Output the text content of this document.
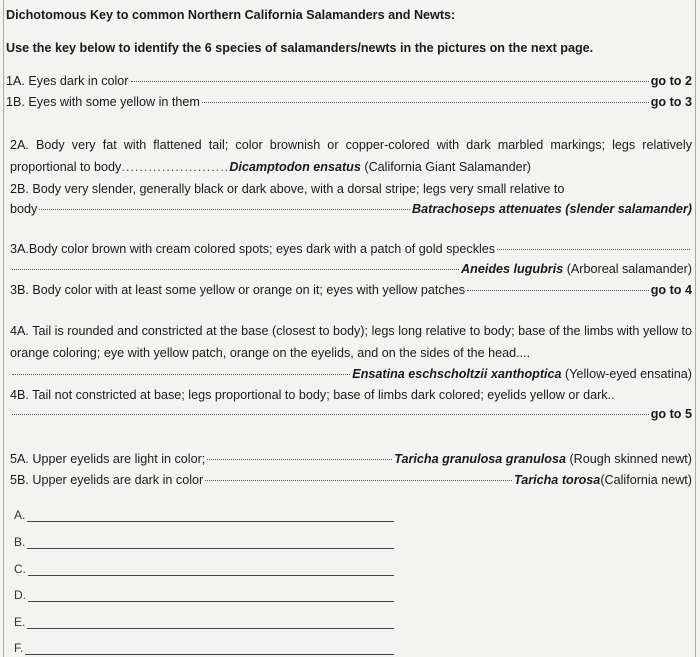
Dichotomous Key to common Northern California Salamanders and Newts:
Use the key below to identify the 6 species of salamanders/newts in the pictures on the next page.
1A. Eyes dark in color	go to 2
1B. Eyes with some yellow in them	go to 3
2A. Body very fat with flattened tail; color brownish or copper-colored with dark marbled markings; legs relatively proportional to body........................Dicamptodon ensatus (California Giant Salamander)
2B. Body very slender, generally black or dark above, with a dorsal stripe; legs very small relative to
body	Batrachoseps attenuates (slender salamander)
3A.Body color brown with cream colored spots; eyes dark with a patch of gold speckles
Aneides lugubris (Arboreal salamander)
3B. Body color with at least some yellow or orange on it; eyes with yellow patches	go to 4
4A. Tail is rounded and constricted at the base (closest to body); legs long relative to body; base of the limbs with yellow to orange coloring; eye with yellow patch, orange on the eyelids, and on the sides of the head....
Ensatina eschscholtzii xanthoptica (Yellow-eyed ensatina)
4B. Tail not constricted at base; legs proportional to body; base of limbs dark colored; eyelids yellow or dark..
go to 5
5A. Upper eyelids are light in color;	Taricha granulosa granulosa (Rough skinned newt)
5B. Upper eyelids are dark in color	Taricha torosa(California newt)
A.
B.
C.
D.
E.
F.
